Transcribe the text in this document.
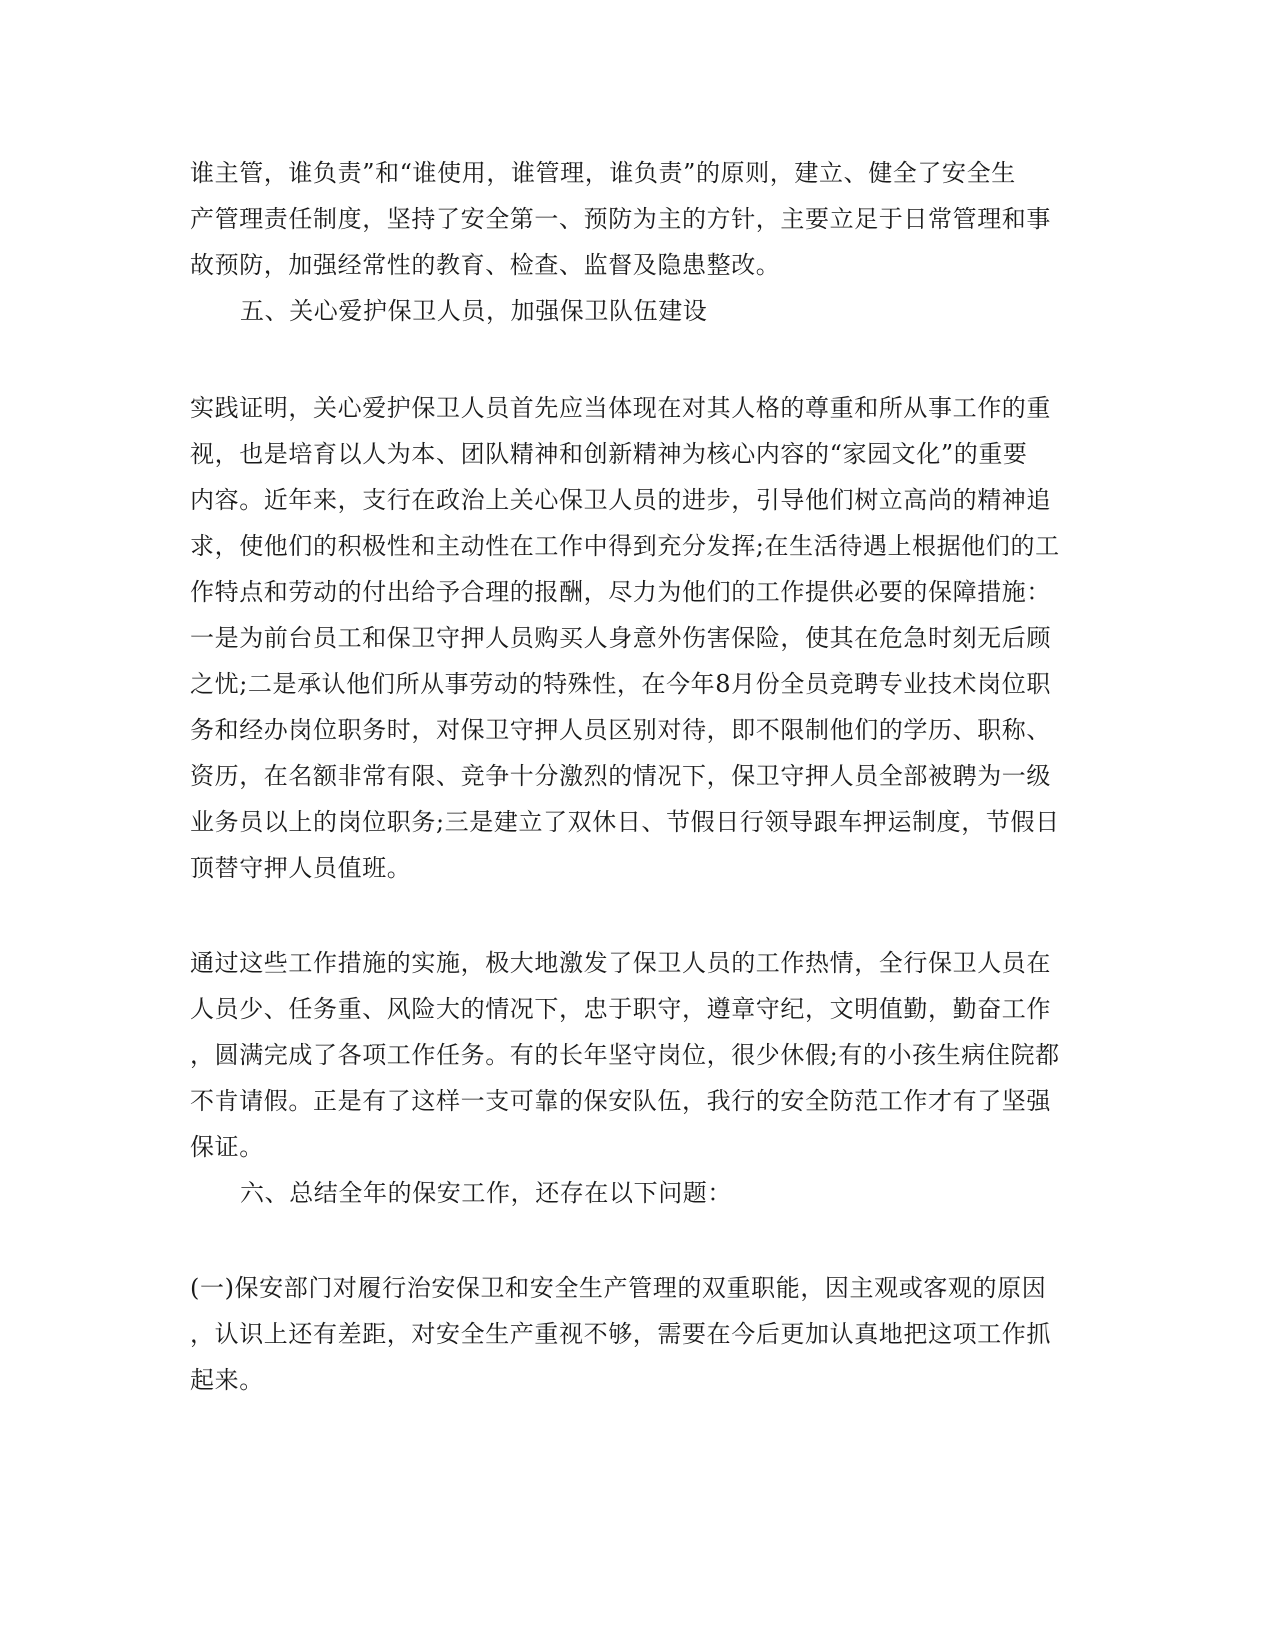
谁主管，谁负责”和“谁使用，谁管理，谁负责”的原则，建立、健全了安全生
产管理责任制度，坚持了安全第一、预防为主的方针，主要立足于日常管理和事
故预防，加强经常性的教育、检查、监督及隐患整改。
五、关心爱护保卫人员，加强保卫队伍建设
实践证明，关心爱护保卫人员首先应当体现在对其人格的尊重和所从事工作的重
视，也是培育以人为本、团队精神和创新精神为核心内容的“家园文化”的重要
内容。近年来，支行在政治上关心保卫人员的进步，引导他们树立高尚的精神追
求，使他们的积极性和主动性在工作中得到充分发挥;在生活待遇上根据他们的工
作特点和劳动的付出给予合理的报酬，尽力为他们的工作提供必要的保障措施：
一是为前台员工和保卫守押人员购买人身意外伤害保险，使其在危急时刻无后顾
之忧;二是承认他们所从事劳动的特殊性，在今年8月份全员竞聘专业技术岗位职
务和经办岗位职务时，对保卫守押人员区别对待，即不限制他们的学历、职称、
资历，在名额非常有限、竞争十分激烈的情况下，保卫守押人员全部被聘为一级
业务员以上的岗位职务;三是建立了双休日、节假日行领导跟车押运制度，节假日
顶替守押人员值班。
通过这些工作措施的实施，极大地激发了保卫人员的工作热情，全行保卫人员在
人员少、任务重、风险大的情况下，忠于职守，遵章守纪，文明值勤，勤奋工作
，圆满完成了各项工作任务。有的长年坚守岗位，很少休假;有的小孩生病住院都
不肯请假。正是有了这样一支可靠的保安队伍，我行的安全防范工作才有了坚强
保证。
六、总结全年的保安工作，还存在以下问题：
(一)保安部门对履行治安保卫和安全生产管理的双重职能，因主观或客观的原因
，认识上还有差距，对安全生产重视不够，需要在今后更加认真地把这项工作抓
起来。
